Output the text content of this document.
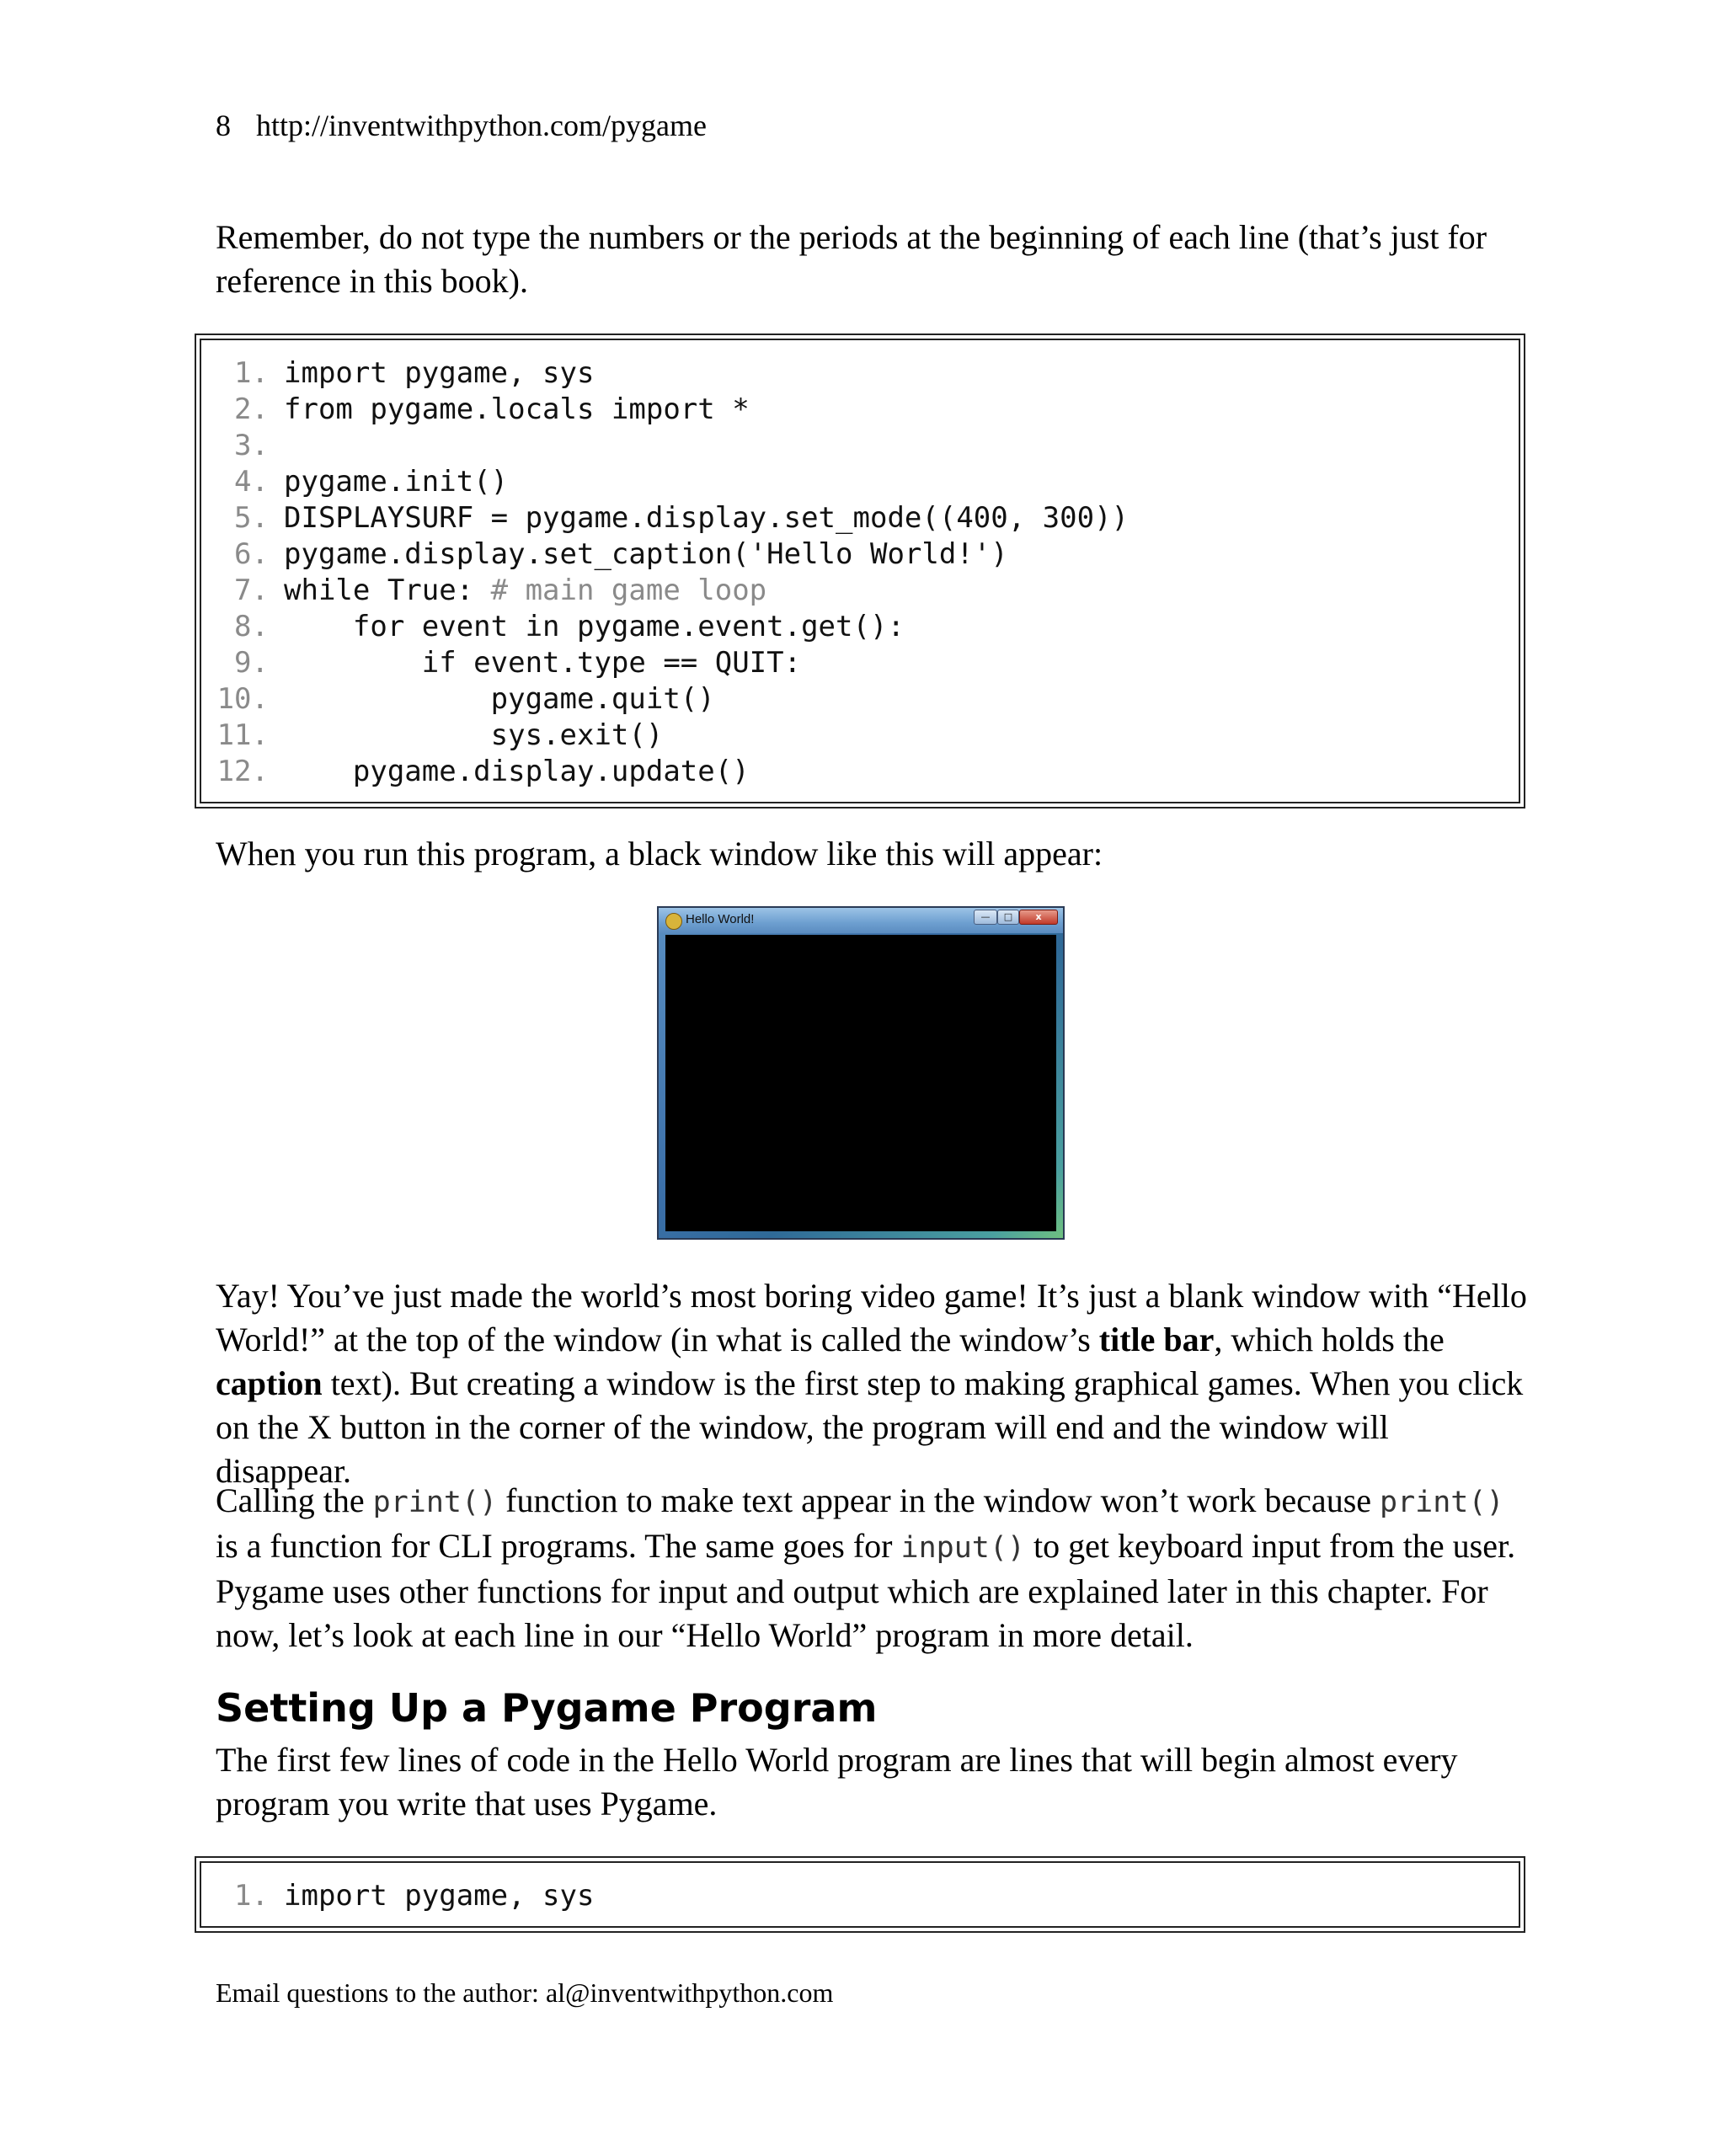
8 http://inventwithpython.com/pygame
Remember, do not type the numbers or the periods at the beginning of each line (that’s just for reference in this book).
1. import pygame, sys
2. from pygame.locals import *
3.
4. pygame.init()
5. DISPLAYSURF = pygame.display.set_mode((400, 300))
6. pygame.display.set_caption('Hello World!')
7. while True: # main game loop
8.    for event in pygame.event.get():
9.        if event.type == QUIT:
10.            pygame.quit()
11.            sys.exit()
12.    pygame.display.update()
When you run this program, a black window like this will appear:
Hello World!	— □ x
Yay! You’ve just made the world’s most boring video game! It’s just a blank window with “Hello World!” at the top of the window (in what is called the window’s title bar, which holds the caption text). But creating a window is the first step to making graphical games. When you click on the X button in the corner of the window, the program will end and the window will disappear.
Calling the print() function to make text appear in the window won’t work because print() is a function for CLI programs. The same goes for input() to get keyboard input from the user. Pygame uses other functions for input and output which are explained later in this chapter. For now, let’s look at each line in our “Hello World” program in more detail.
Setting Up a Pygame Program
The first few lines of code in the Hello World program are lines that will begin almost every program you write that uses Pygame.
1. import pygame, sys
Email questions to the author: al@inventwithpython.com
